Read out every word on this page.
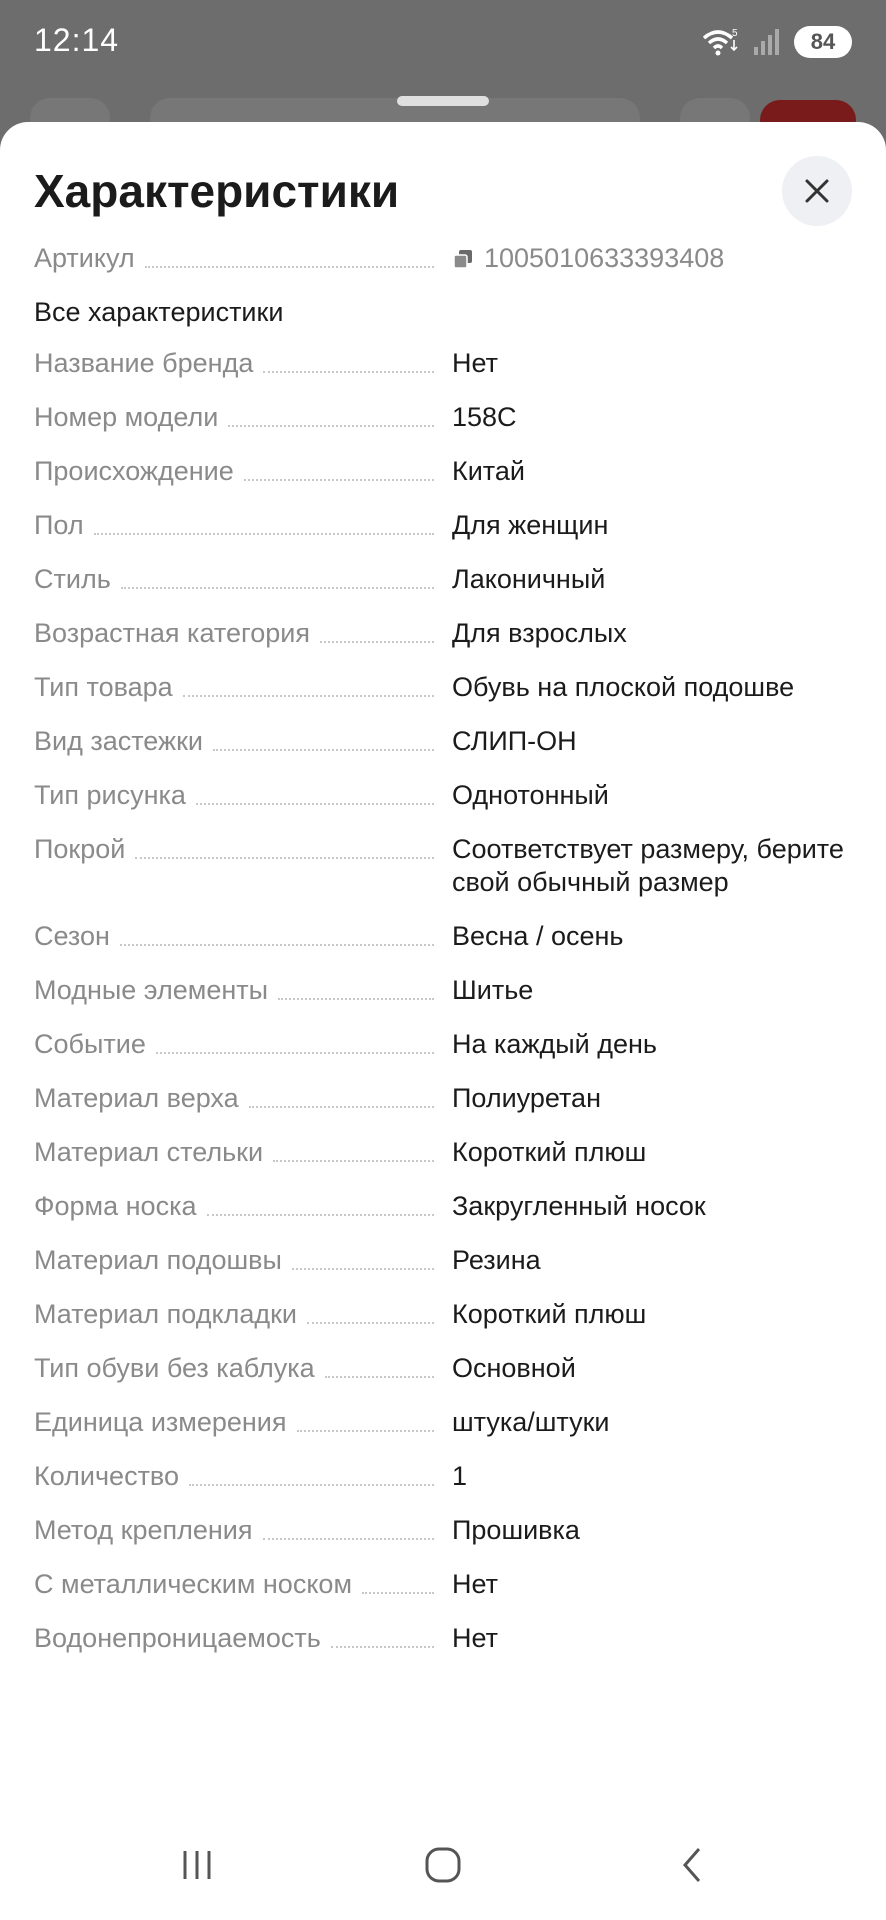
12:14	5	84
Характеристики
Артикул	1005010633393408
Все характеристики
Название бренда	Нет
Номер модели	158C
Происхождение	Китай
Пол	Для женщин
Стиль	Лаконичный
Возрастная категория	Для взрослых
Тип товара	Обувь на плоской подошве
Вид застежки	СЛИП-ОН
Тип рисунка	Однотонный
Покрой	Соответствует размеру, берите свой обычный размер
Сезон	Весна / осень
Модные элементы	Шитье
Событие	На каждый день
Материал верха	Полиуретан
Материал стельки	Короткий плюш
Форма носка	Закругленный носок
Материал подошвы	Резина
Материал подкладки	Короткий плюш
Тип обуви без каблука	Основной
Единица измерения	штука/штуки
Количество	1
Метод крепления	Прошивка
С металлическим носком	Нет
Водонепроницаемость	Нет
